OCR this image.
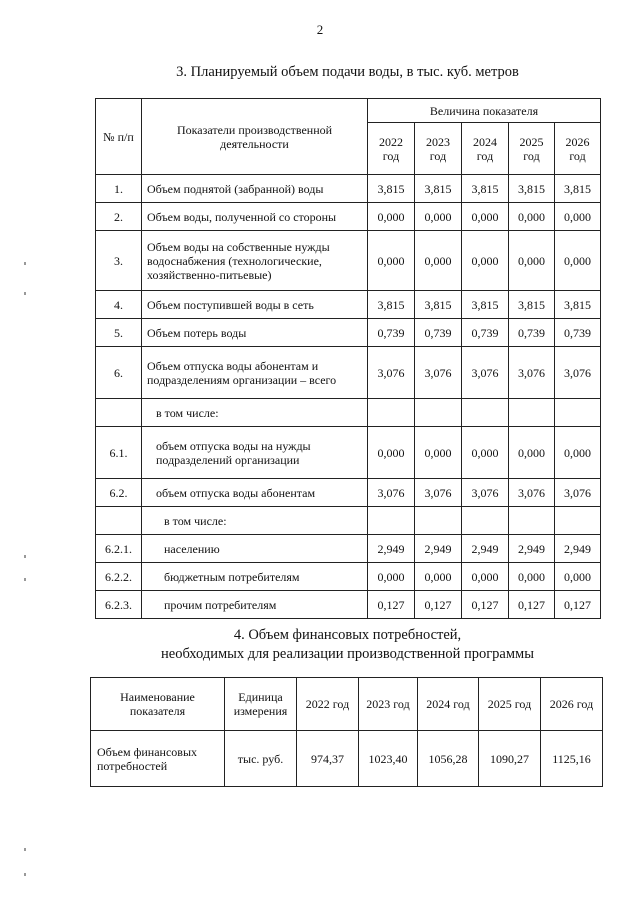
2
3. Планируемый объем подачи воды, в тыс. куб. метров
№ п/п	Показатели производственной деятельности	Величина показателя				
		2022 год	2023 год	2024 год	2025 год	2026 год
1.	Объем поднятой (забранной) воды	3,815	3,815	3,815	3,815	3,815
2.	Объем воды, полученной со стороны	0,000	0,000	0,000	0,000	0,000
3.	Объем воды на собственные нужды водоснабжения (технологические, хозяйственно-питьевые)	0,000	0,000	0,000	0,000	0,000
4.	Объем поступившей воды в сеть	3,815	3,815	3,815	3,815	3,815
5.	Объем потерь воды	0,739	0,739	0,739	0,739	0,739
6.	Объем отпуска воды абонентам и подразделениям организации – всего	3,076	3,076	3,076	3,076	3,076
	в том числе:					
6.1.	объем отпуска воды на нужды подразделений организации	0,000	0,000	0,000	0,000	0,000
6.2.	объем отпуска воды абонентам	3,076	3,076	3,076	3,076	3,076
	в том числе:					
6.2.1.	населению	2,949	2,949	2,949	2,949	2,949
6.2.2.	бюджетным потребителям	0,000	0,000	0,000	0,000	0,000
6.2.3.	прочим потребителям	0,127	0,127	0,127	0,127	0,127
4. Объем финансовых потребностей,
необходимых для реализации производственной программы
Наименование показателя	Единица измерения	2022 год	2023 год	2024 год	2025 год	2026 год
Объем финансовых потребностей	тыс. руб.	974,37	1023,40	1056,28	1090,27	1125,16
